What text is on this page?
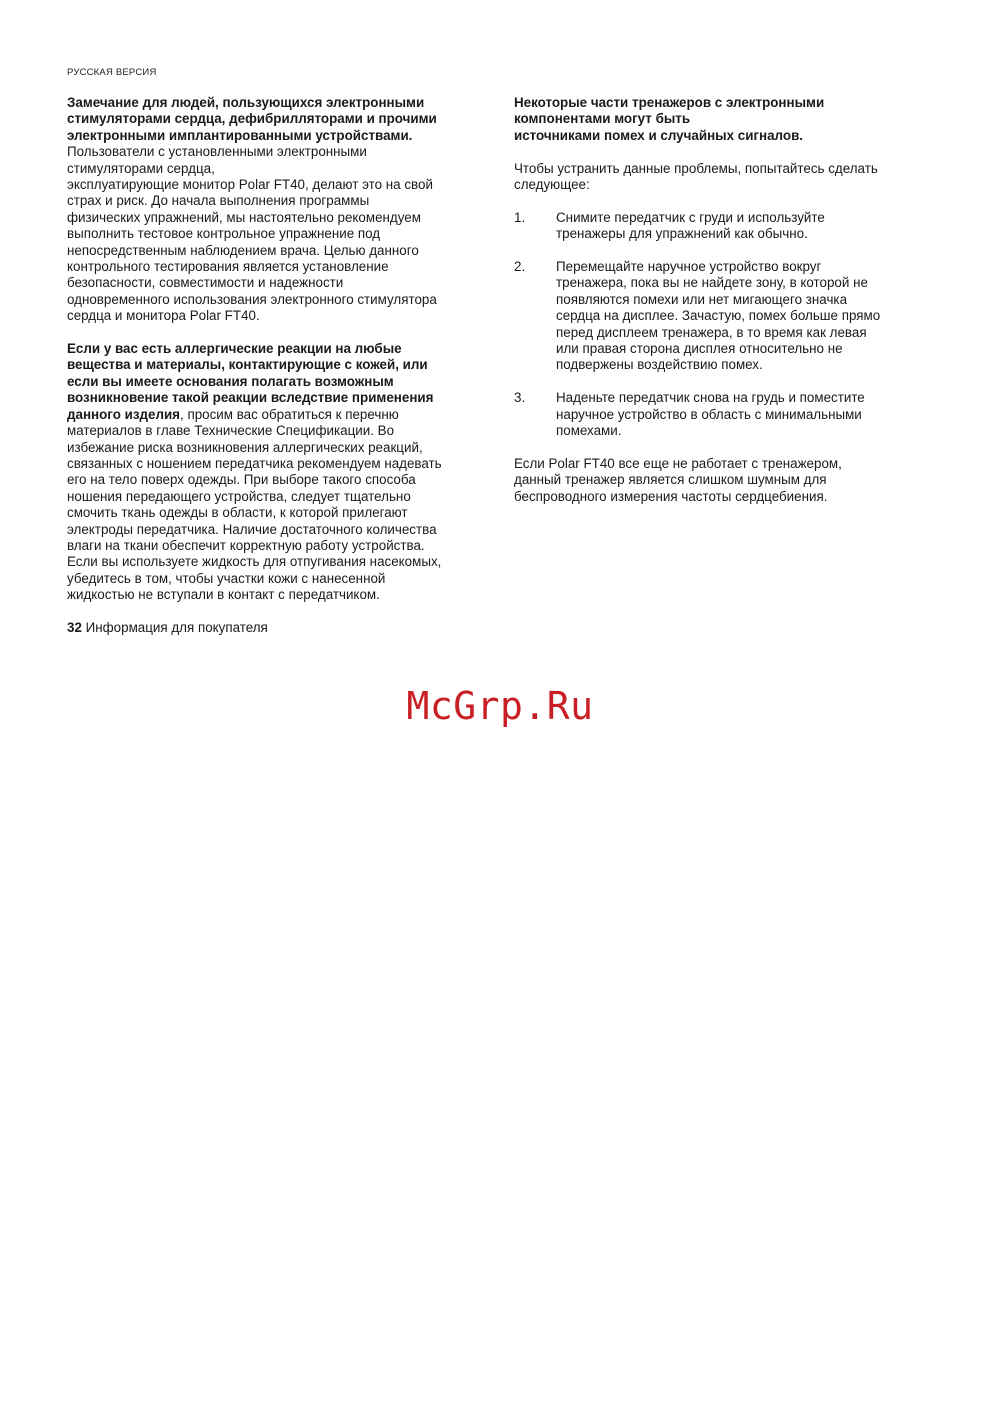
РУССКАЯ ВЕРСИЯ

Замечание для людей, пользующихся электронными

стимуляторами сердца, дефибрилляторами и прочими

электронными имплантированными устройствами.

Пользователи с установленными электронными

стимуляторами сердца,

эксплуатирующие монитор Polar FT40, делают это на свой

страх и риск. До начала выполнения программы

физических упражнений, мы настоятельно рекомендуем

выполнить тестовое контрольное упражнение под

непосредственным наблюдением врача. Целью данного

контрольного тестирования является установление

безопасности, совместимости и надежности

одновременного использования электронного стимулятора

сердца и монитора Polar FT40.

Если у вас есть аллергические реакции на любые

вещества и материалы, контактирующие с кожей, или

если вы имеете основания полагать возможным

возникновение такой реакции вследствие применения

данного изделия, просим вас обратиться к перечню

материалов в главе Технические Спецификации. Во

избежание риска возникновения аллергических реакций,

связанных с ношением передатчика рекомендуем надевать

его на тело поверх одежды. При выборе такого способа

ношения передающего устройства, следует тщательно

смочить ткань одежды в области, к которой прилегают

электроды передатчика. Наличие достаточного количества

влаги на ткани обеспечит корректную работу устройства.

Если вы используете жидкость для отпугивания насекомых,

убедитесь в том, чтобы участки кожи с нанесенной

жидкостью не вступали в контакт с передатчиком.

Некоторые части тренажеров с электронными

компонентами могут быть

источниками помех и случайных сигналов.

Чтобы устранить данные проблемы, попытайтесь сделать

следующее:

1.	Снимите передатчик с груди и используйте

тренажеры для упражнений как обычно.

2.	Перемещайте наручное устройство вокруг

тренажера, пока вы не найдете зону, в которой не

появляются помехи или нет мигающего значка

сердца на дисплее. Зачастую, помех больше прямо

перед дисплеем тренажера, в то время как левая

или правая сторона дисплея относительно не

подвержены воздействию помех.

3.	Наденьте передатчик снова на грудь и поместите

наручное устройство в область с минимальными

помехами.

Если Polar FT40 все еще не работает с тренажером,

данный тренажер является слишком шумным для

беспроводного измерения частоты сердцебиения.

32 Информация для покупателя
McGrp.Ru
